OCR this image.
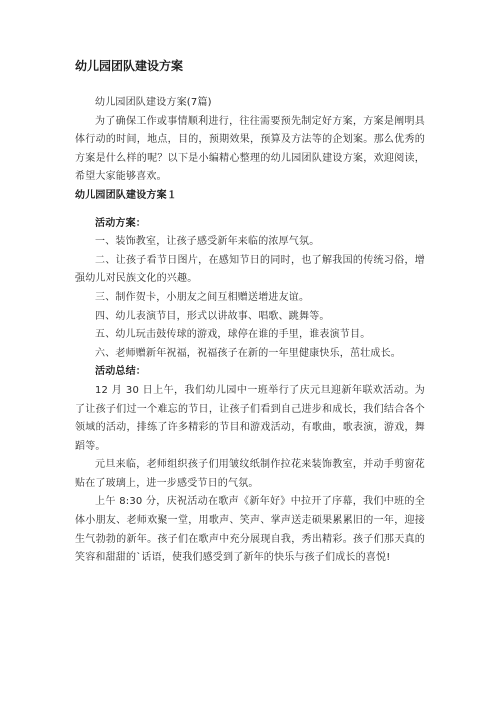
幼儿园团队建设方案

幼儿园团队建设方案(7篇)

为了确保工作或事情顺利进行，往往需要预先制定好方案，方案是阐明具体行动的时间，地点，目的，预期效果，预算及方法等的企划案。那么优秀的方案是什么样的呢？以下是小编精心整理的幼儿园团队建设方案，欢迎阅读，希望大家能够喜欢。

幼儿园团队建设方案１

活动方案：

一、装饰教室，让孩子感受新年来临的浓厚气氛。

二、让孩子看节日图片，在感知节日的同时，也了解我国的传统习俗，增强幼儿对民族文化的兴趣。

三、制作贺卡，小朋友之间互相赠送增进友谊。

四、幼儿表演节目，形式以讲故事、唱歌、跳舞等。

五、幼儿玩击鼓传球的游戏，球停在谁的手里，谁表演节目。

六、老师赠新年祝福，祝福孩子在新的一年里健康快乐，茁壮成长。

活动总结：

12 月 30 日上午，我们幼儿园中一班举行了庆元旦迎新年联欢活动。为了让孩子们过一个难忘的节日，让孩子们看到自己进步和成长，我们结合各个领域的活动，排练了许多精彩的节目和游戏活动，有歌曲，歌表演，游戏，舞蹈等。

元旦来临，老师组织孩子们用皱纹纸制作拉花来装饰教室，并动手剪窗花贴在了玻璃上，进一步感受节日的气氛。

上午 8:30 分，庆祝活动在歌声《新年好》中拉开了序幕，我们中班的全体小朋友、老师欢聚一堂，用歌声、笑声、掌声送走硕果累累旧的一年，迎接生气勃勃的新年。孩子们在歌声中充分展现自我，秀出精彩。孩子们那天真的笑容和甜甜的`话语，使我们感受到了新年的快乐与孩子们成长的喜悦!
